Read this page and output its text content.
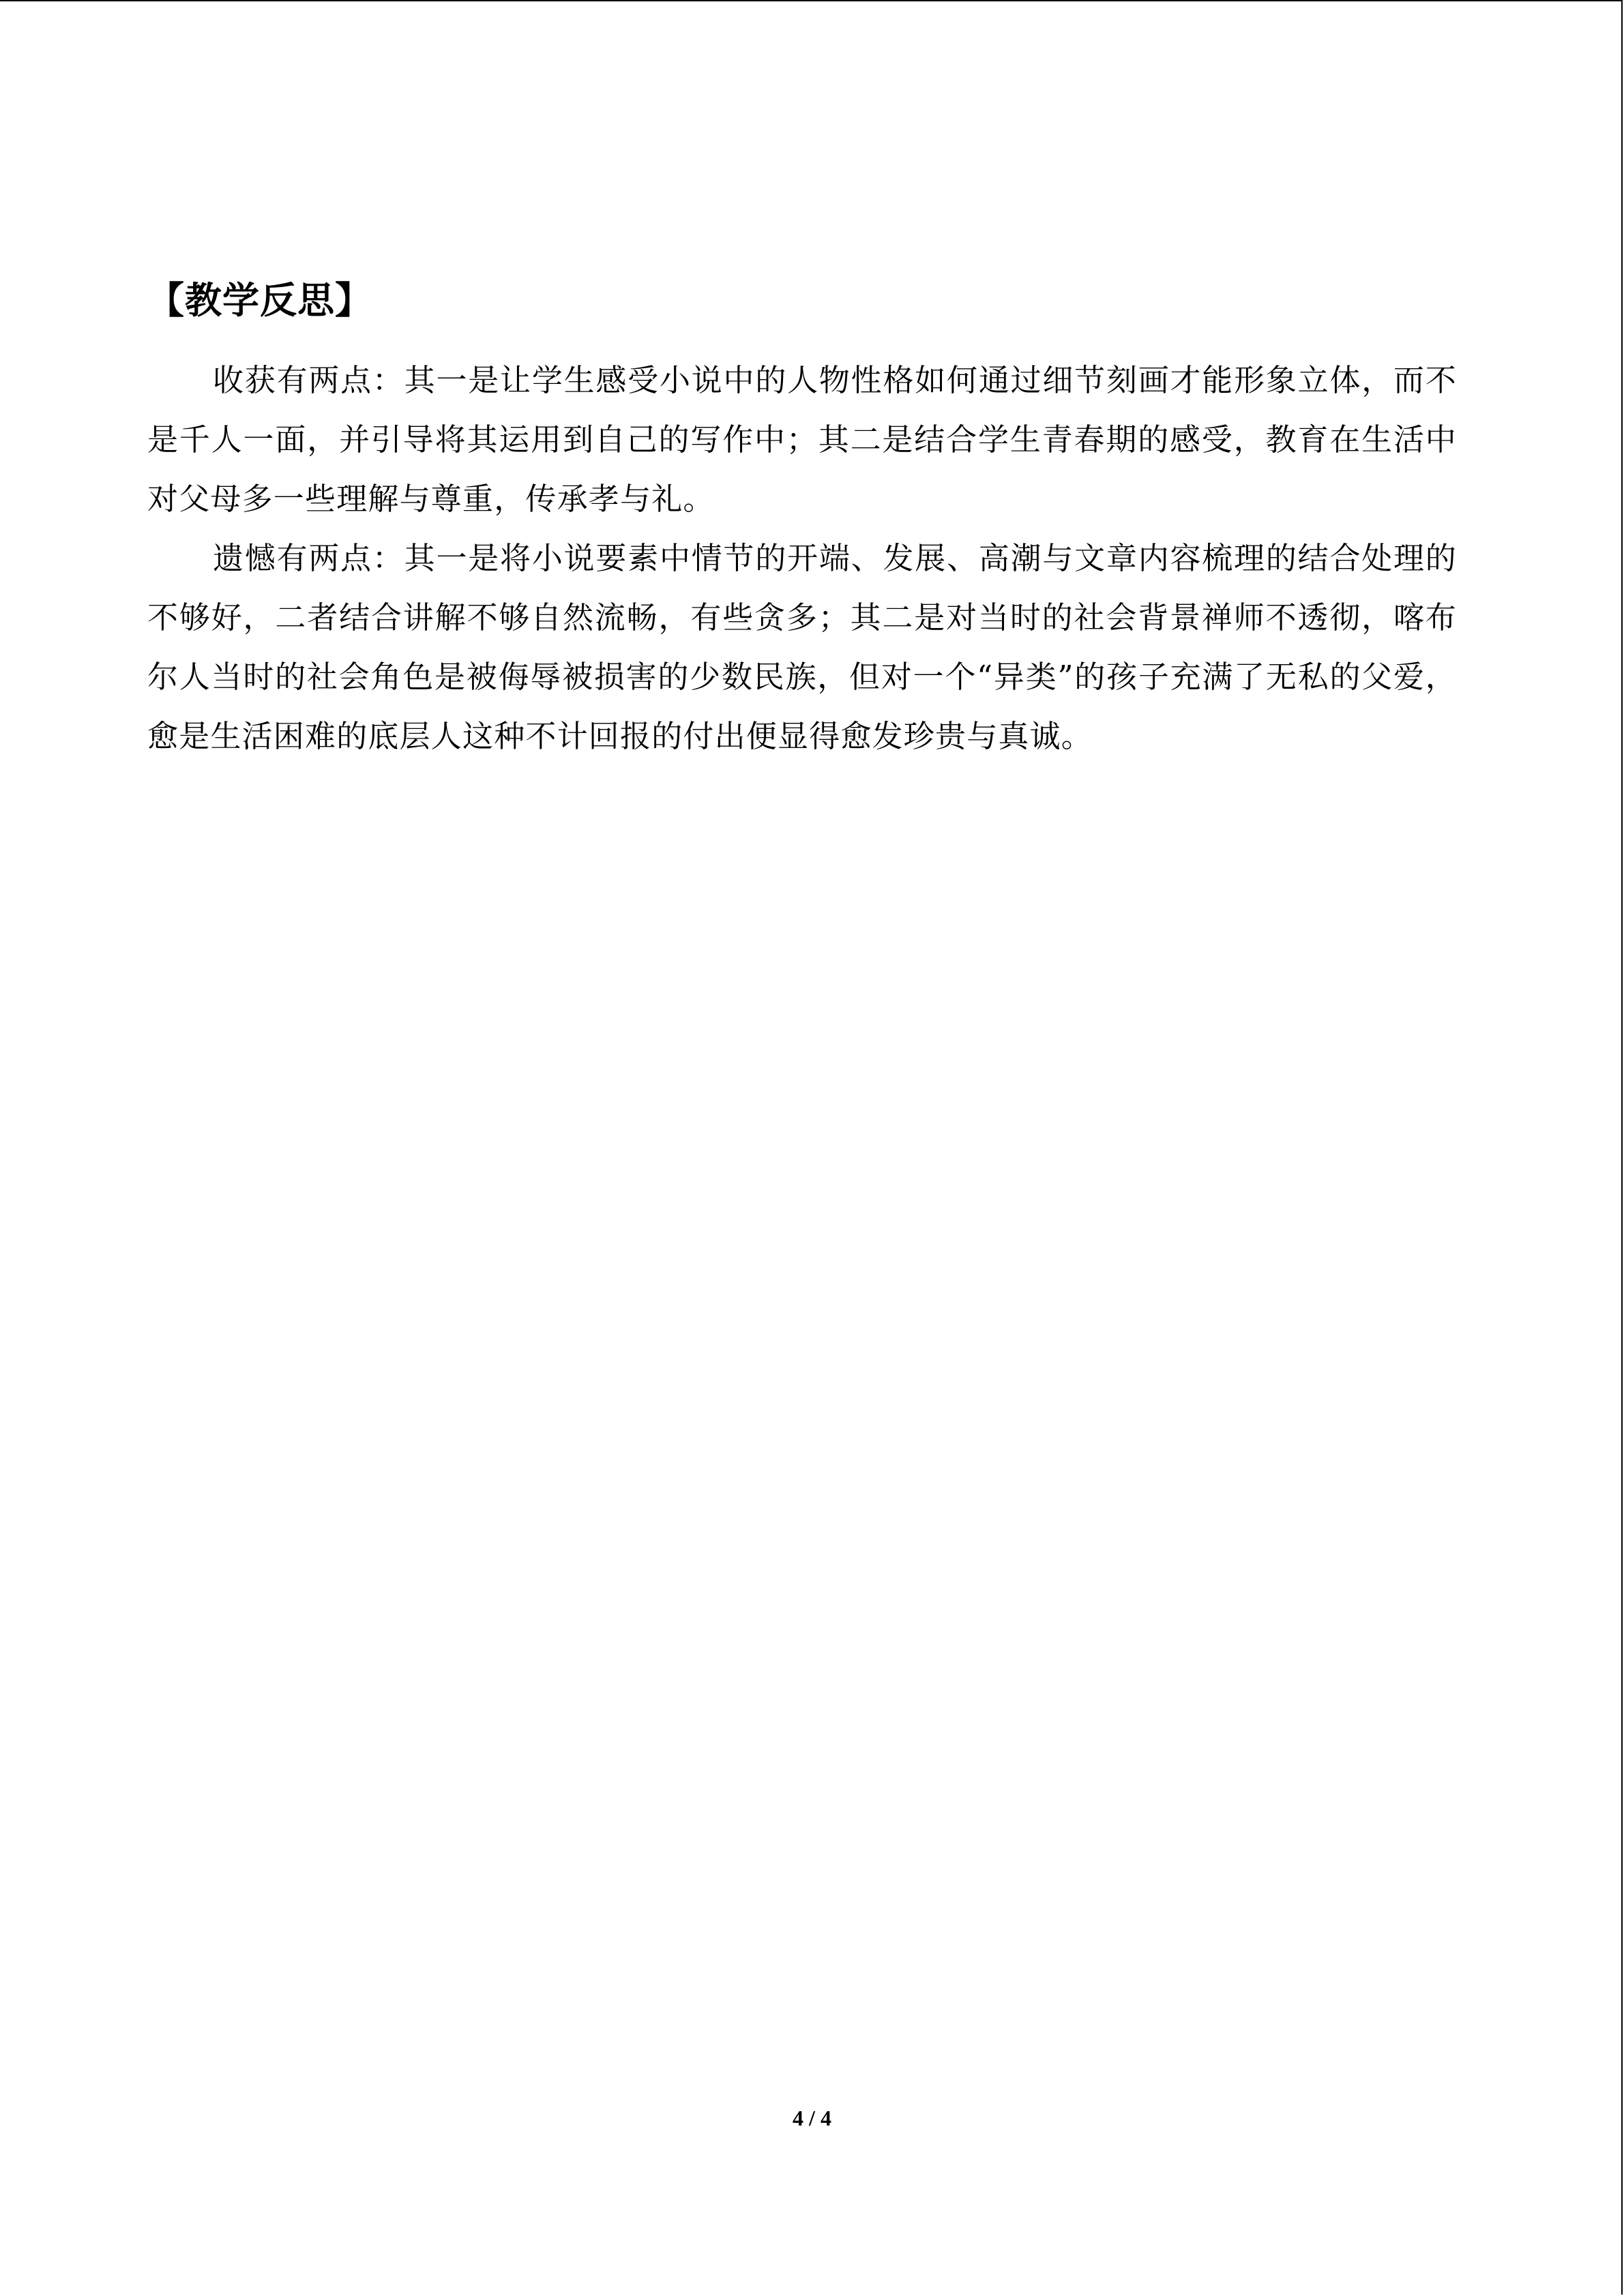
【教学反思】

收获有两点：其一是让学生感受小说中的人物性格如何通过细节刻画才能形象立体，而不是千人一面，并引导将其运用到自己的写作中；其二是结合学生青春期的感受，教育在生活中对父母多一些理解与尊重，传承孝与礼。

遗憾有两点：其一是将小说要素中情节的开端、发展、高潮与文章内容梳理的结合处理的不够好，二者结合讲解不够自然流畅，有些贪多；其二是对当时的社会背景禅师不透彻，喀布尔人当时的社会角色是被侮辱被损害的少数民族，但对一个“异类”的孩子充满了无私的父爱，愈是生活困难的底层人这种不计回报的付出便显得愈发珍贵与真诚。

4 / 4
